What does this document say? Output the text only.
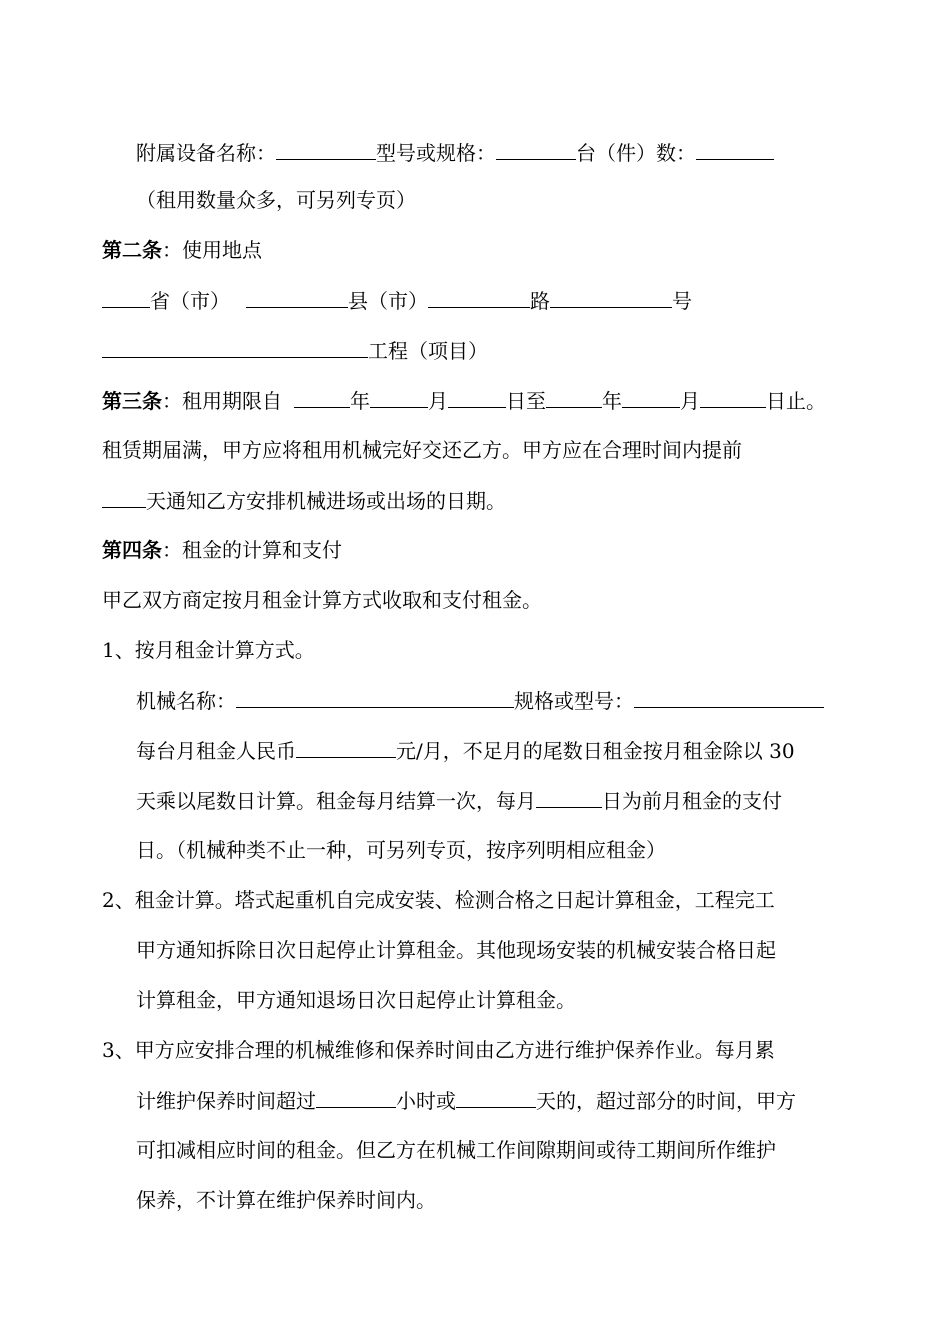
附属设备名称：	型号或规格：	台（件）数：
（租用数量众多，可另列专页）
第二条：使用地点
省（市）	县（市）	路	号
工程（项目）
第三条：租用期限自	年	月	日至	年	月	日止。
租赁期届满，甲方应将租用机械完好交还乙方。甲方应在合理时间内提前
天通知乙方安排机械进场或出场的日期。
第四条：租金的计算和支付
甲乙双方商定按月租金计算方式收取和支付租金。
1、按月租金计算方式。
机械名称：	规格或型号：
每台月租金人民币	元/月，不足月的尾数日租金按月租金除以 30
天乘以尾数日计算。租金每月结算一次，每月	日为前月租金的支付
日。（机械种类不止一种，可另列专页，按序列明相应租金）
2、租金计算。塔式起重机自完成安装、检测合格之日起计算租金，工程完工
甲方通知拆除日次日起停止计算租金。其他现场安装的机械安装合格日起
计算租金，甲方通知退场日次日起停止计算租金。
3、甲方应安排合理的机械维修和保养时间由乙方进行维护保养作业。每月累
计维护保养时间超过	小时或	天的，超过部分的时间，甲方
可扣减相应时间的租金。但乙方在机械工作间隙期间或待工期间所作维护
保养，不计算在维护保养时间内。
